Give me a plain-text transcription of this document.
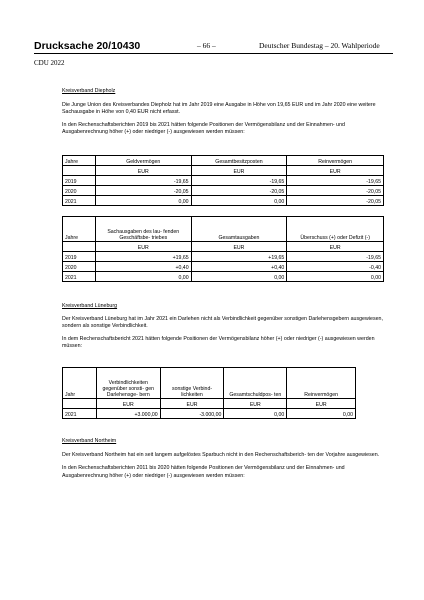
Drucksache 20/10430	– 66 –	Deutscher Bundestag – 20. Wahlperiode
CDU 2022
Kreisverband Diepholz

Die Junge Union des Kreisverbandes Diepholz hat im Jahr 2019 eine Ausgabe in Höhe von 19,65 EUR und im Jahr 2020 eine weitere Sachausgabe in Höhe von 0,40 EUR nicht erfasst.

In den Rechenschaftsberichten 2019 bis 2021 hätten folgende Positionen der Vermögensbilanz und der Einnahmen- und Ausgabenrechnung höher (+) oder niedriger (-) ausgewiesen werden müssen:

Jahre	Geldvermögen	Gesamtbesitzposten	Reinvermögen
	EUR	EUR	EUR
2019	-19,65	-19,65	-19,65
2020	-20,05	-20,05	-20,05
2021	0,00	0,00	-20,05
Jahre	Sachausgaben des lau- fenden Geschäftsbe- triebes	Gesamtausgaben	Überschuss (+) oder Defizit (-)
	EUR	EUR	EUR
2019	+19,65	+19,65	-19,65
2020	+0,40	+0,40	-0,40
2021	0,00	0,00	0,00
Kreisverband Lüneburg

Der Kreisverband Lüneburg hat im Jahr 2021 ein Darlehen nicht als Verbindlichkeit gegenüber sonstigen Darlehensgebern ausgewiesen, sondern als sonstige Verbindlichkeit.

In dem Rechenschaftsbericht 2021 hätten folgende Positionen der Vermögensbilanz höher (+) oder niedriger (-) ausgewiesen werden müssen:

Jahr	Verbindlichkeiten gegenüber sonsti- gen Darlehensge- bern	sonstige Verbind- lichkeiten	Gesamtschuldpos- ten	Reinvermögen
	EUR	EUR	EUR	EUR
2021	+3.000,00	-3.000,00	0,00	0,00
Kreisverband Northeim

Der Kreisverband Northeim hat ein seit langem aufgelöstes Sparbuch nicht in den Rechenschaftsberich- ten der Vorjahre ausgewiesen.

In den Rechenschaftsberichten 2011 bis 2020 hätten folgende Positionen der Vermögensbilanz und der Einnahmen- und Ausgabenrechnung höher (+) oder niedriger (-) ausgewiesen werden müssen:
